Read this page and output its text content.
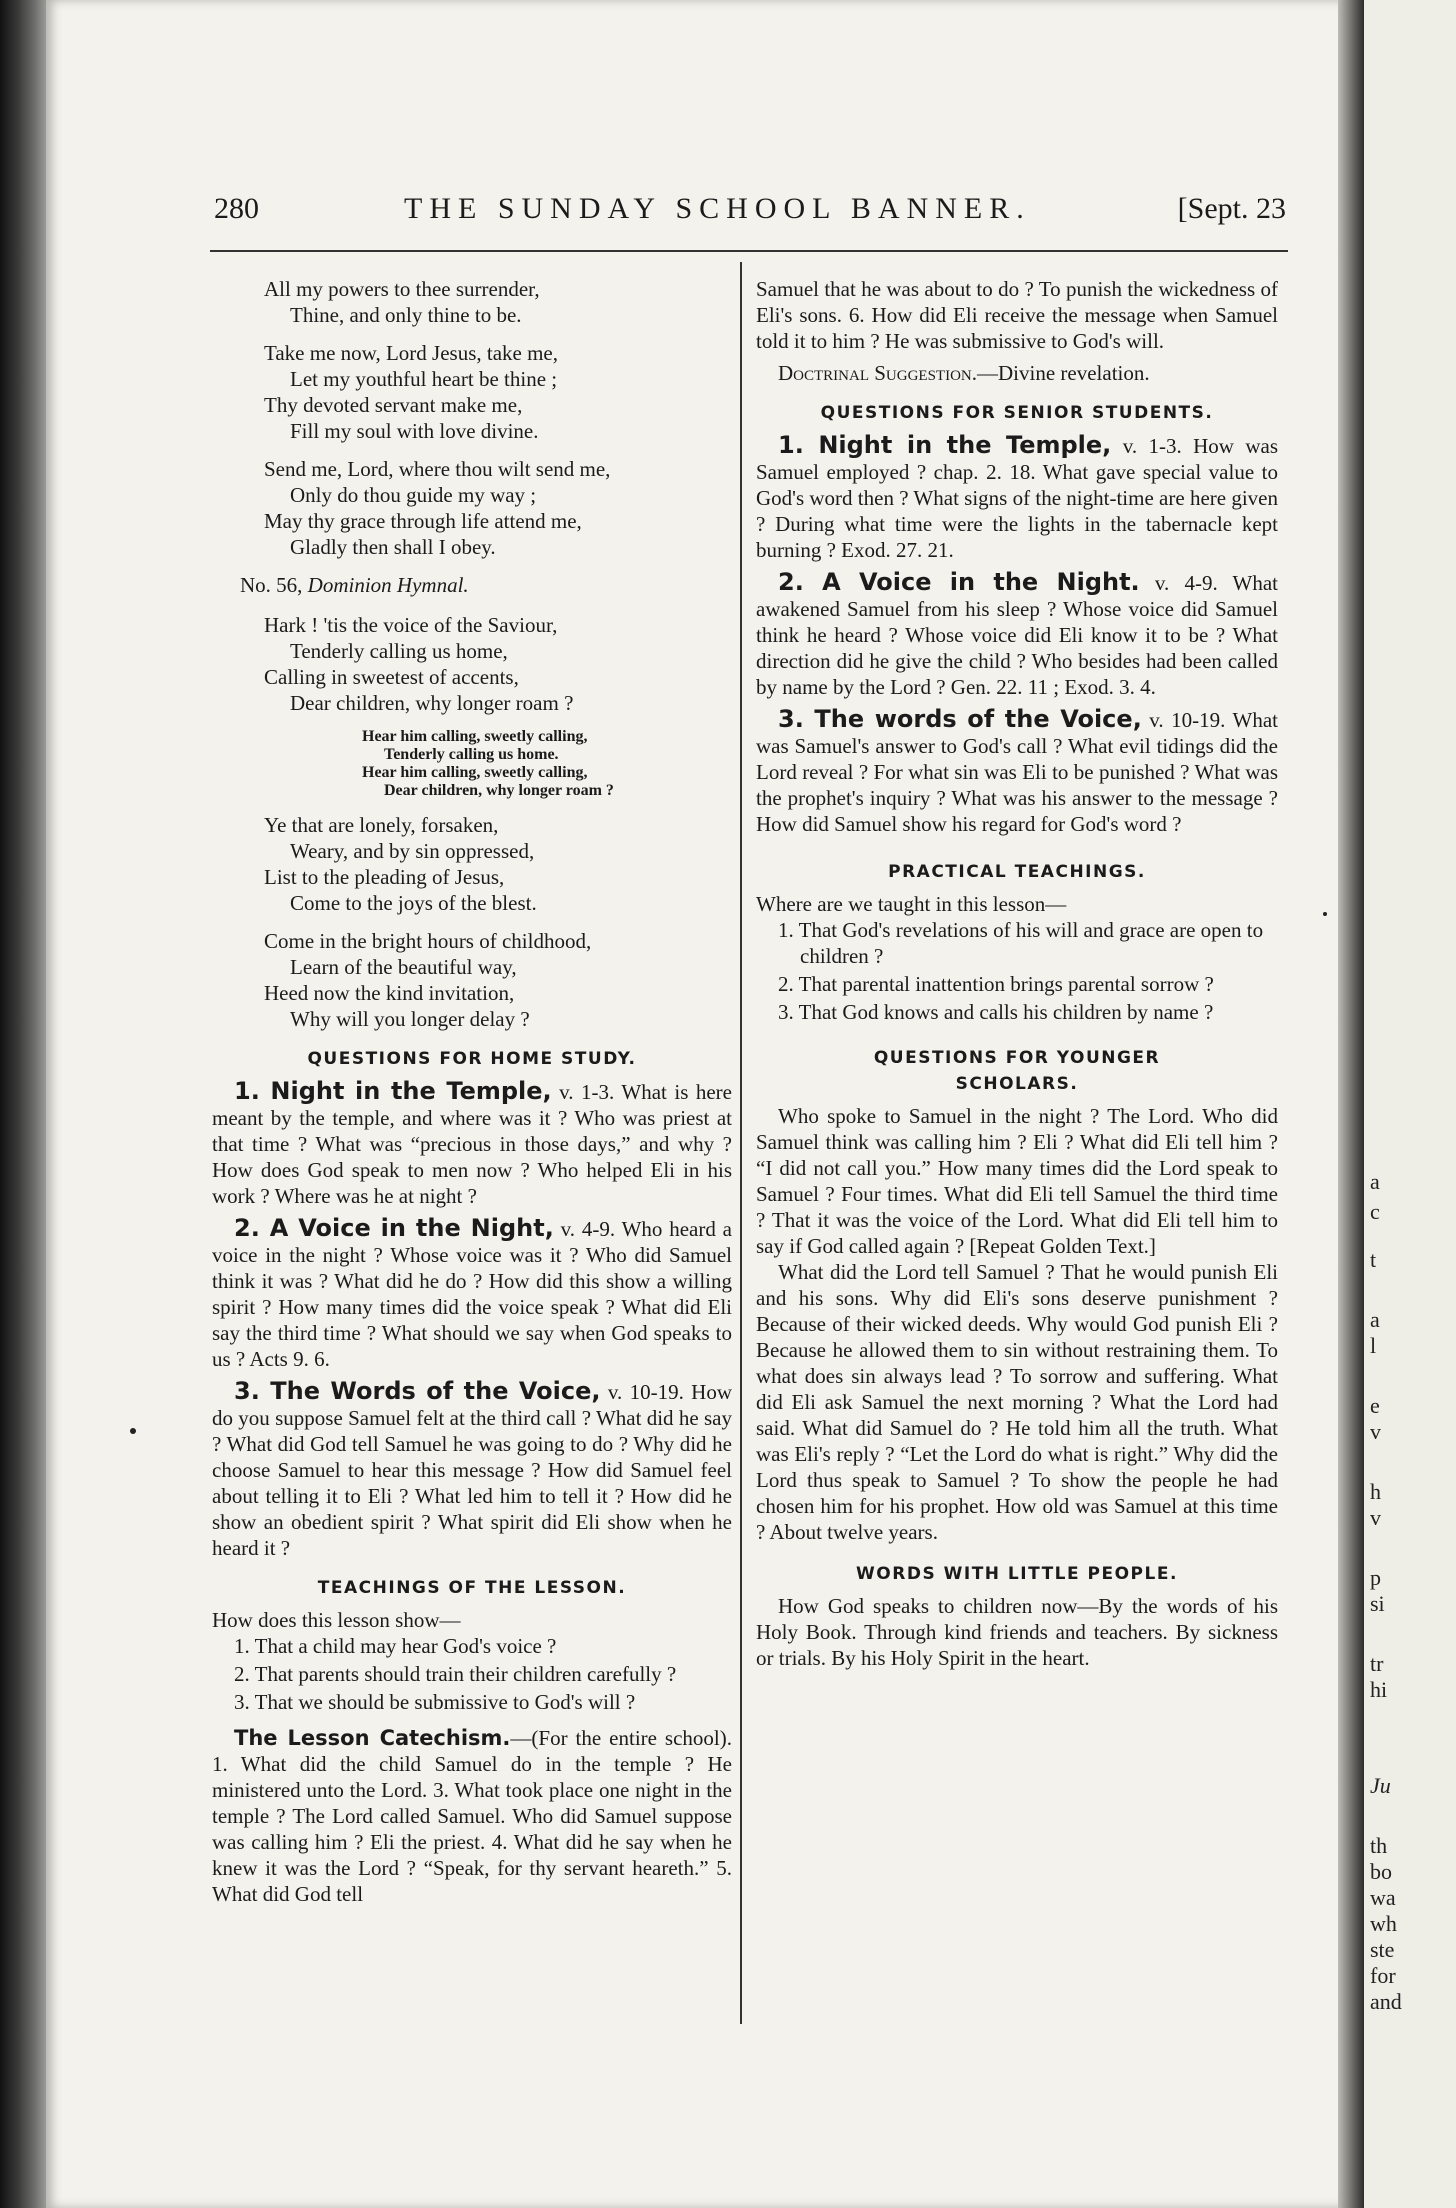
a
c
t
a
l
e
v
h
v
p
si
tr
hi
Ju
th
bo
wa
wh
ste
for
and
280	THE SUNDAY SCHOOL BANNER.	[Sept. 23
All my powers to thee surrender,
Thine, and only thine to be.
Take me now, Lord Jesus, take me,
Let my youthful heart be thine ;
Thy devoted servant make me,
Fill my soul with love divine.
Send me, Lord, where thou wilt send me,
Only do thou guide my way ;
May thy grace through life attend me,
Gladly then shall I obey.
No. 56, Dominion Hymnal.
Hark ! 'tis the voice of the Saviour,
Tenderly calling us home,
Calling in sweetest of accents,
Dear children, why longer roam ?
Hear him calling, sweetly calling,
Tenderly calling us home.
Hear him calling, sweetly calling,
Dear children, why longer roam ?
Ye that are lonely, forsaken,
Weary, and by sin oppressed,
List to the pleading of Jesus,
Come to the joys of the blest.
Come in the bright hours of childhood,
Learn of the beautiful way,
Heed now the kind invitation,
Why will you longer delay ?
QUESTIONS FOR HOME STUDY.

1. Night in the Temple, v. 1-3. What is here meant by the temple, and where was it ? Who was priest at that time ? What was “precious in those days,” and why ? How does God speak to men now ? Who helped Eli in his work ? Where was he at night ?

2. A Voice in the Night, v. 4-9. Who heard a voice in the night ? Whose voice was it ? Who did Samuel think it was ? What did he do ? How did this show a willing spirit ? How many times did the voice speak ? What did Eli say the third time ? What should we say when God speaks to us ? Acts 9. 6.

3. The Words of the Voice, v. 10-19. How do you suppose Samuel felt at the third call ? What did he say ? What did God tell Samuel he was going to do ? Why did he choose Samuel to hear this message ? How did Samuel feel about telling it to Eli ? What led him to tell it ? How did he show an obedient spirit ? What spirit did Eli show when he heard it ?

TEACHINGS OF THE LESSON.

How does this lesson show—

1. That a child may hear God's voice ?
2. That parents should train their children carefully ?
3. That we should be submissive to God's will ?

The Lesson Catechism.—(For the entire school). 1. What did the child Samuel do in the temple ? He ministered unto the Lord. 3. What took place one night in the temple ? The Lord called Samuel. Who did Samuel suppose was calling him ? Eli the priest. 4. What did he say when he knew it was the Lord ? “Speak, for thy servant heareth.” 5. What did God tell

Samuel that he was about to do ? To punish the wickedness of Eli's sons. 6. How did Eli receive the message when Samuel told it to him ? He was submissive to God's will.

Doctrinal Suggestion.—Divine revelation.

QUESTIONS FOR SENIOR STUDENTS.

1. Night in the Temple, v. 1-3. How was Samuel employed ? chap. 2. 18. What gave special value to God's word then ? What signs of the night-time are here given ? During what time were the lights in the tabernacle kept burning ? Exod. 27. 21.

2. A Voice in the Night. v. 4-9. What awakened Samuel from his sleep ? Whose voice did Samuel think he heard ? Whose voice did Eli know it to be ? What direction did he give the child ? Who besides had been called by name by the Lord ? Gen. 22. 11 ; Exod. 3. 4.

3. The words of the Voice, v. 10-19. What was Samuel's answer to God's call ? What evil tidings did the Lord reveal ? For what sin was Eli to be punished ? What was the prophet's inquiry ? What was his answer to the message ? How did Samuel show his regard for God's word ?

PRACTICAL TEACHINGS.

Where are we taught in this lesson—

1. That God's revelations of his will and grace are open to children ?
2. That parental inattention brings parental sorrow ?
3. That God knows and calls his children by name ?
QUESTIONS FOR YOUNGER
SCHOLARS.

Who spoke to Samuel in the night ? The Lord. Who did Samuel think was calling him ? Eli ? What did Eli tell him ? “I did not call you.” How many times did the Lord speak to Samuel ? Four times. What did Eli tell Samuel the third time ? That it was the voice of the Lord. What did Eli tell him to say if God called again ? [Repeat Golden Text.]

What did the Lord tell Samuel ? That he would punish Eli and his sons. Why did Eli's sons deserve punishment ? Because of their wicked deeds. Why would God punish Eli ? Because he allowed them to sin without restraining them. To what does sin always lead ? To sorrow and suffering. What did Eli ask Samuel the next morning ? What the Lord had said. What did Samuel do ? He told him all the truth. What was Eli's reply ? “Let the Lord do what is right.” Why did the Lord thus speak to Samuel ? To show the people he had chosen him for his prophet. How old was Samuel at this time ? About twelve years.

WORDS WITH LITTLE PEOPLE.

How God speaks to children now—By the words of his Holy Book. Through kind friends and teachers. By sickness or trials. By his Holy Spirit in the heart.
